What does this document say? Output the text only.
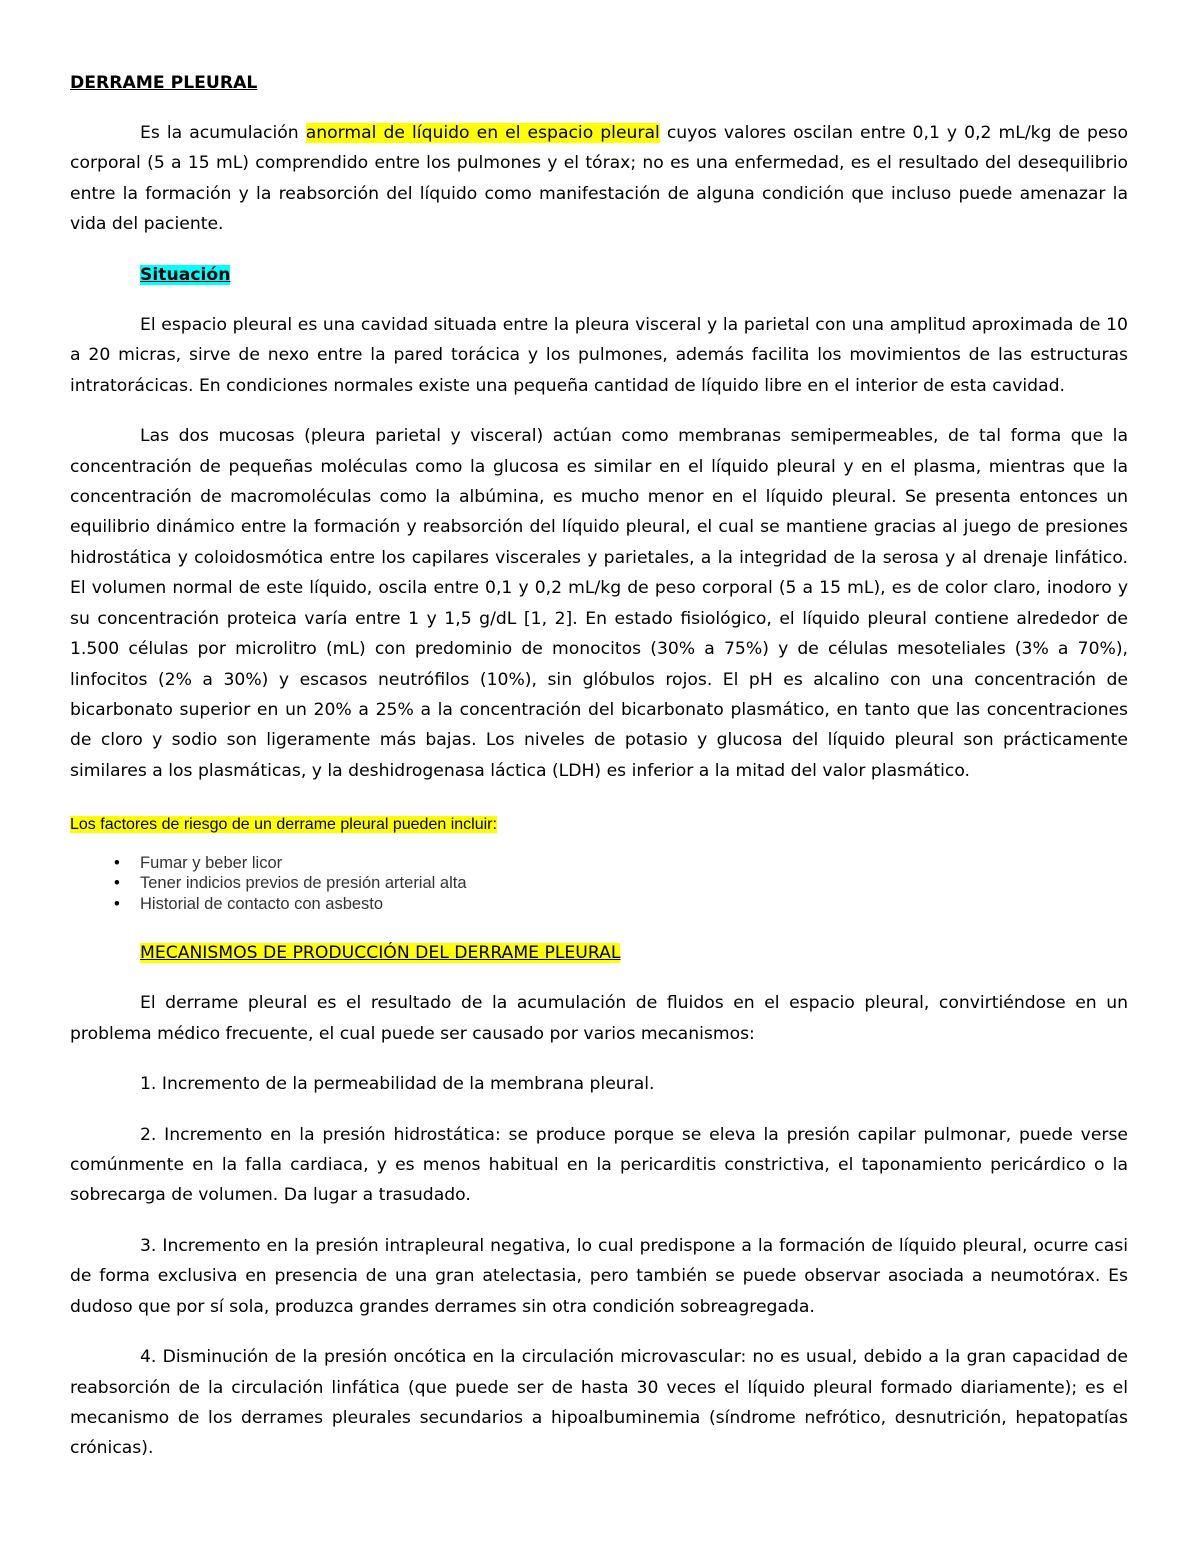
DERRAME PLEURAL

Es la acumulación anormal de líquido en el espacio pleural cuyos valores oscilan entre 0,1 y 0,2 mL/kg de peso corporal (5 a 15 mL) comprendido entre los pulmones y el tórax; no es una enfermedad, es el resultado del desequilibrio entre la formación y la reabsorción del líquido como manifestación de alguna condición que incluso puede amenazar la vida del paciente.

Situación

El espacio pleural es una cavidad situada entre la pleura visceral y la parietal con una amplitud aproximada de 10 a 20 micras, sirve de nexo entre la pared torácica y los pulmones, además facilita los movimientos de las estructuras intratorácicas. En condiciones normales existe una pequeña cantidad de líquido libre en el interior de esta cavidad.

Las dos mucosas (pleura parietal y visceral) actúan como membranas semipermeables, de tal forma que la concentración de pequeñas moléculas como la glucosa es similar en el líquido pleural y en el plasma, mientras que la concentración de macromoléculas como la albúmina, es mucho menor en el líquido pleural. Se presenta entonces un equilibrio dinámico entre la formación y reabsorción del líquido pleural, el cual se mantiene gracias al juego de presiones hidrostática y coloidosmótica entre los capilares viscerales y parietales, a la integridad de la serosa y al drenaje linfático. El volumen normal de este líquido, oscila entre 0,1 y 0,2 mL/kg de peso corporal (5 a 15 mL), es de color claro, inodoro y su concentración proteica varía entre 1 y 1,5 g/dL [1, 2]. En estado fisiológico, el líquido pleural contiene alrededor de 1.500 células por microlitro (mL) con predominio de monocitos (30% a 75%) y de células mesoteliales (3% a 70%), linfocitos (2% a 30%) y escasos neutrófilos (10%), sin glóbulos rojos. El pH es alcalino con una concentración de bicarbonato superior en un 20% a 25% a la concentración del bicarbonato plasmático, en tanto que las concentraciones de cloro y sodio son ligeramente más bajas. Los niveles de potasio y glucosa del líquido pleural son prácticamente similares a los plasmáticas, y la deshidrogenasa láctica (LDH) es inferior a la mitad del valor plasmático.

Los factores de riesgo de un derrame pleural pueden incluir:
• Fumar y beber licor
• Tener indicios previos de presión arterial alta
• Historial de contacto con asbesto
MECANISMOS DE PRODUCCIÓN DEL DERRAME PLEURAL

El derrame pleural es el resultado de la acumulación de fluidos en el espacio pleural, convirtiéndose en un problema médico frecuente, el cual puede ser causado por varios mecanismos:

1. Incremento de la permeabilidad de la membrana pleural.

2. Incremento en la presión hidrostática: se produce porque se eleva la presión capilar pulmonar, puede verse comúnmente en la falla cardiaca, y es menos habitual en la pericarditis constrictiva, el taponamiento pericárdico o la sobrecarga de volumen. Da lugar a trasudado.

3. Incremento en la presión intrapleural negativa, lo cual predispone a la formación de líquido pleural, ocurre casi de forma exclusiva en presencia de una gran atelectasia, pero también se puede observar asociada a neumotórax. Es dudoso que por sí sola, produzca grandes derrames sin otra condición sobreagregada.

4. Disminución de la presión oncótica en la circulación microvascular: no es usual, debido a la gran capacidad de reabsorción de la circulación linfática (que puede ser de hasta 30 veces el líquido pleural formado diariamente); es el mecanismo de los derrames pleurales secundarios a hipoalbuminemia (síndrome nefrótico, desnutrición, hepatopatías crónicas).
